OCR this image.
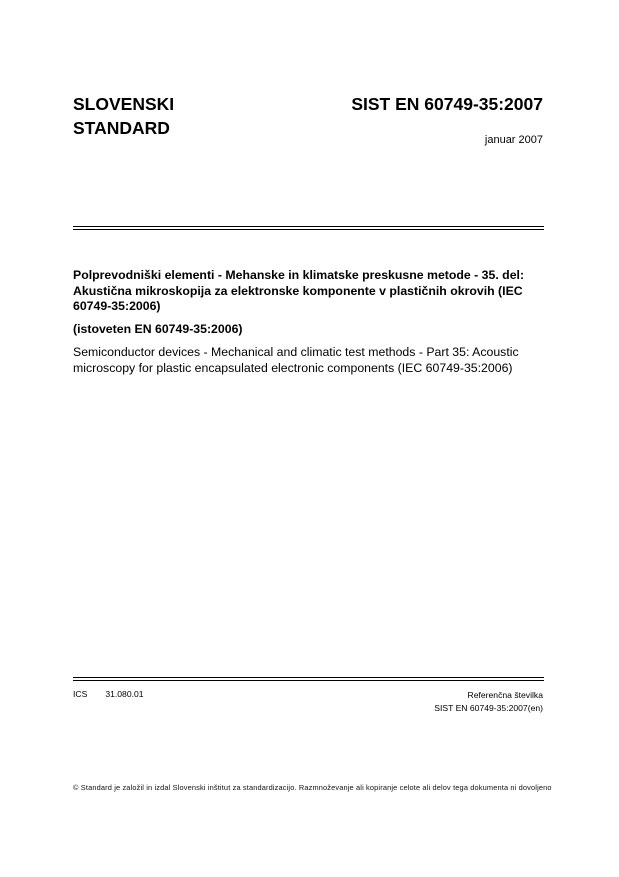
SLOVENSKI
STANDARD
SIST EN 60749-35:2007
januar 2007
Polprevodniški elementi - Mehanske in klimatske preskusne metode - 35. del: Akustična mikroskopija za elektronske komponente v plastičnih okrovih (IEC 60749-35:2006)
(istoveten EN 60749-35:2006)
Semiconductor devices - Mechanical and climatic test methods - Part 35: Acoustic microscopy for plastic encapsulated electronic components (IEC 60749-35:2006)
ICS 31.080.01	Referenčna številka
SIST EN 60749-35:2007(en)
© Standard je založil in izdal Slovenski inštitut za standardizacijo. Razmnoževanje ali kopiranje celote ali delov tega dokumenta ni dovoljeno
